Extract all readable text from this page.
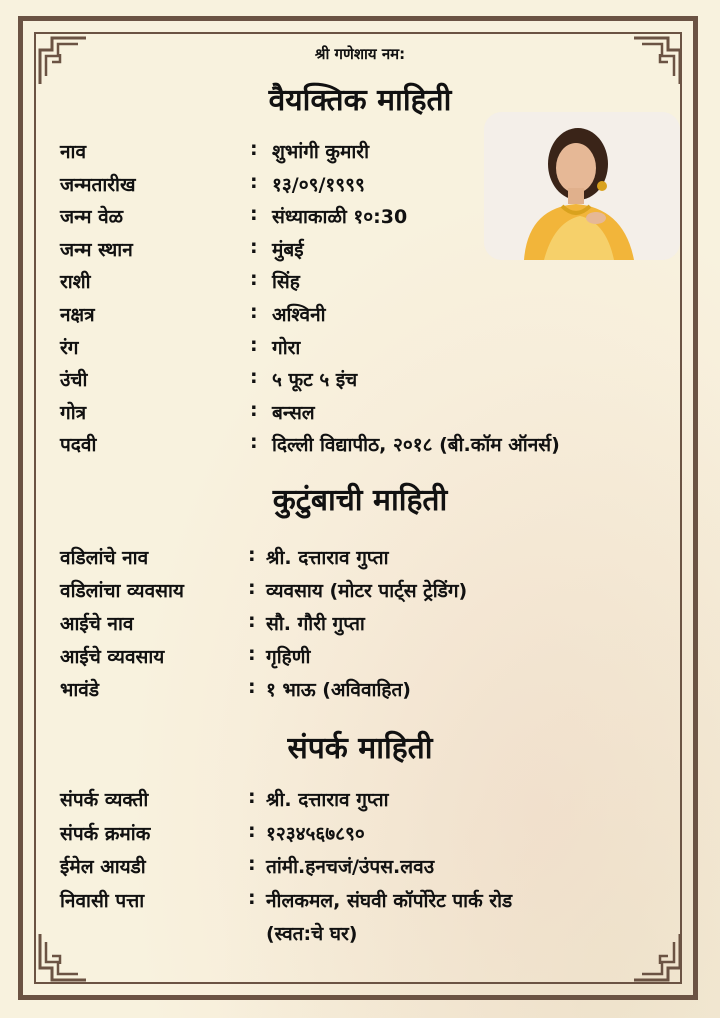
श्री गणेशाय नम:
वैयक्तिक माहिती
कुटुंबाची माहिती
संपर्क माहिती
नाव	: शुभांगी कुमारी
जन्मतारीख	: १३/०९/१९९९
जन्म वेळ	: संध्याकाळी १०:30
जन्म स्थान	: मुंबई
राशी	: सिंह
नक्षत्र	: अश्विनी
रंग	: गोरा
उंची	: ५ फूट ५ इंच
गोत्र	: बन्सल
पदवी	: दिल्ली विद्यापीठ, २०१८ (बी.कॉम ऑनर्स)
वडिलांचे नाव	: श्री. दत्ताराव गुप्ता
वडिलांचा व्यवसाय	: व्यवसाय (मोटर पार्ट्स ट्रेडिंग)
आईचे नाव	: सौ. गौरी गुप्ता
आईचे व्यवसाय	: गृहिणी
भावंडे	: १ भाऊ (अविवाहित)
संपर्क व्यक्ती	: श्री. दत्ताराव गुप्ता
संपर्क क्रमांक	: १२३४५६७८९०
ईमेल आयडी	: तांमी.हनचजं/उंपस.लवउ
निवासी पत्ता	: नीलकमल, संघवी कॉर्पोरेट पार्क रोड
(स्वत:चे घर)
